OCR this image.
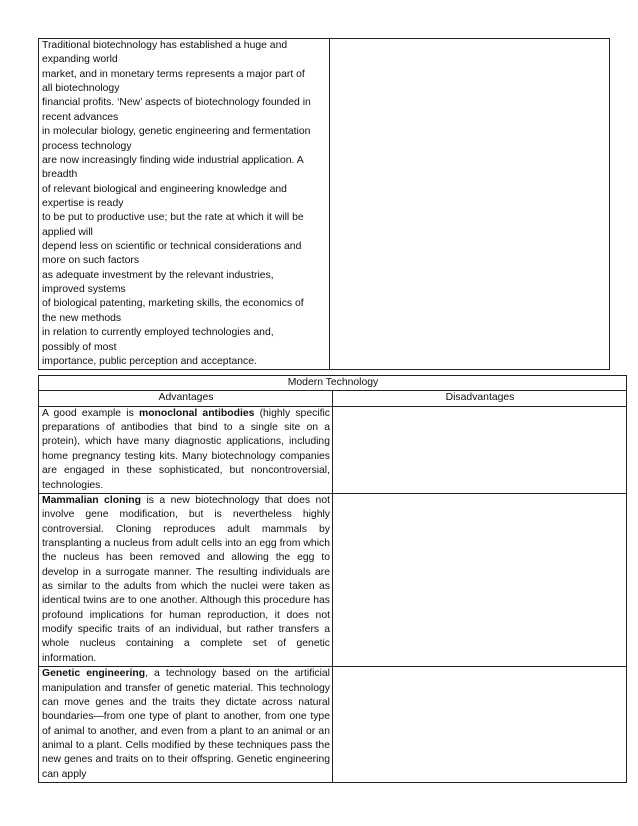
Traditional biotechnology has established a huge and

expanding world

market, and in monetary terms represents a major part of

all biotechnology

financial profits. ‘New’ aspects of biotechnology founded in

recent advances

in molecular biology, genetic engineering and fermentation

process technology

are now increasingly finding wide industrial application. A

breadth

of relevant biological and engineering knowledge and

expertise is ready

to be put to productive use; but the rate at which it will be

applied will

depend less on scientific or technical considerations and

more on such factors

as adequate investment by the relevant industries,

improved systems

of biological patenting, marketing skills, the economics of

the new methods

in relation to currently employed technologies and,

possibly of most

importance, public perception and acceptance.

Modern Technology	
Advantages	Disadvantages
A good example is monoclonal antibodies (highly specific preparations of antibodies that bind to a single site on a protein), which have many diagnostic applications, including home pregnancy testing kits. Many biotechnology companies are engaged in these sophisticated, but noncontroversial, technologies.	
Mammalian cloning is a new biotechnology that does not involve gene modification, but is nevertheless highly controversial. Cloning reproduces adult mammals by transplanting a nucleus from adult cells into an egg from which the nucleus has been removed and allowing the egg to develop in a surrogate manner. The resulting individuals are as similar to the adults from which the nuclei were taken as identical twins are to one another. Although this procedure has profound implications for human reproduction, it does not modify specific traits of an individual, but rather transfers a whole nucleus containing a complete set of genetic information.	
Genetic engineering, a technology based on the artificial manipulation and transfer of genetic material. This technology can move genes and the traits they dictate across natural boundaries—from one type of plant to another, from one type of animal to another, and even from a plant to an animal or an animal to a plant. Cells modified by these techniques pass the new genes and traits on to their offspring. Genetic engineering can apply	
